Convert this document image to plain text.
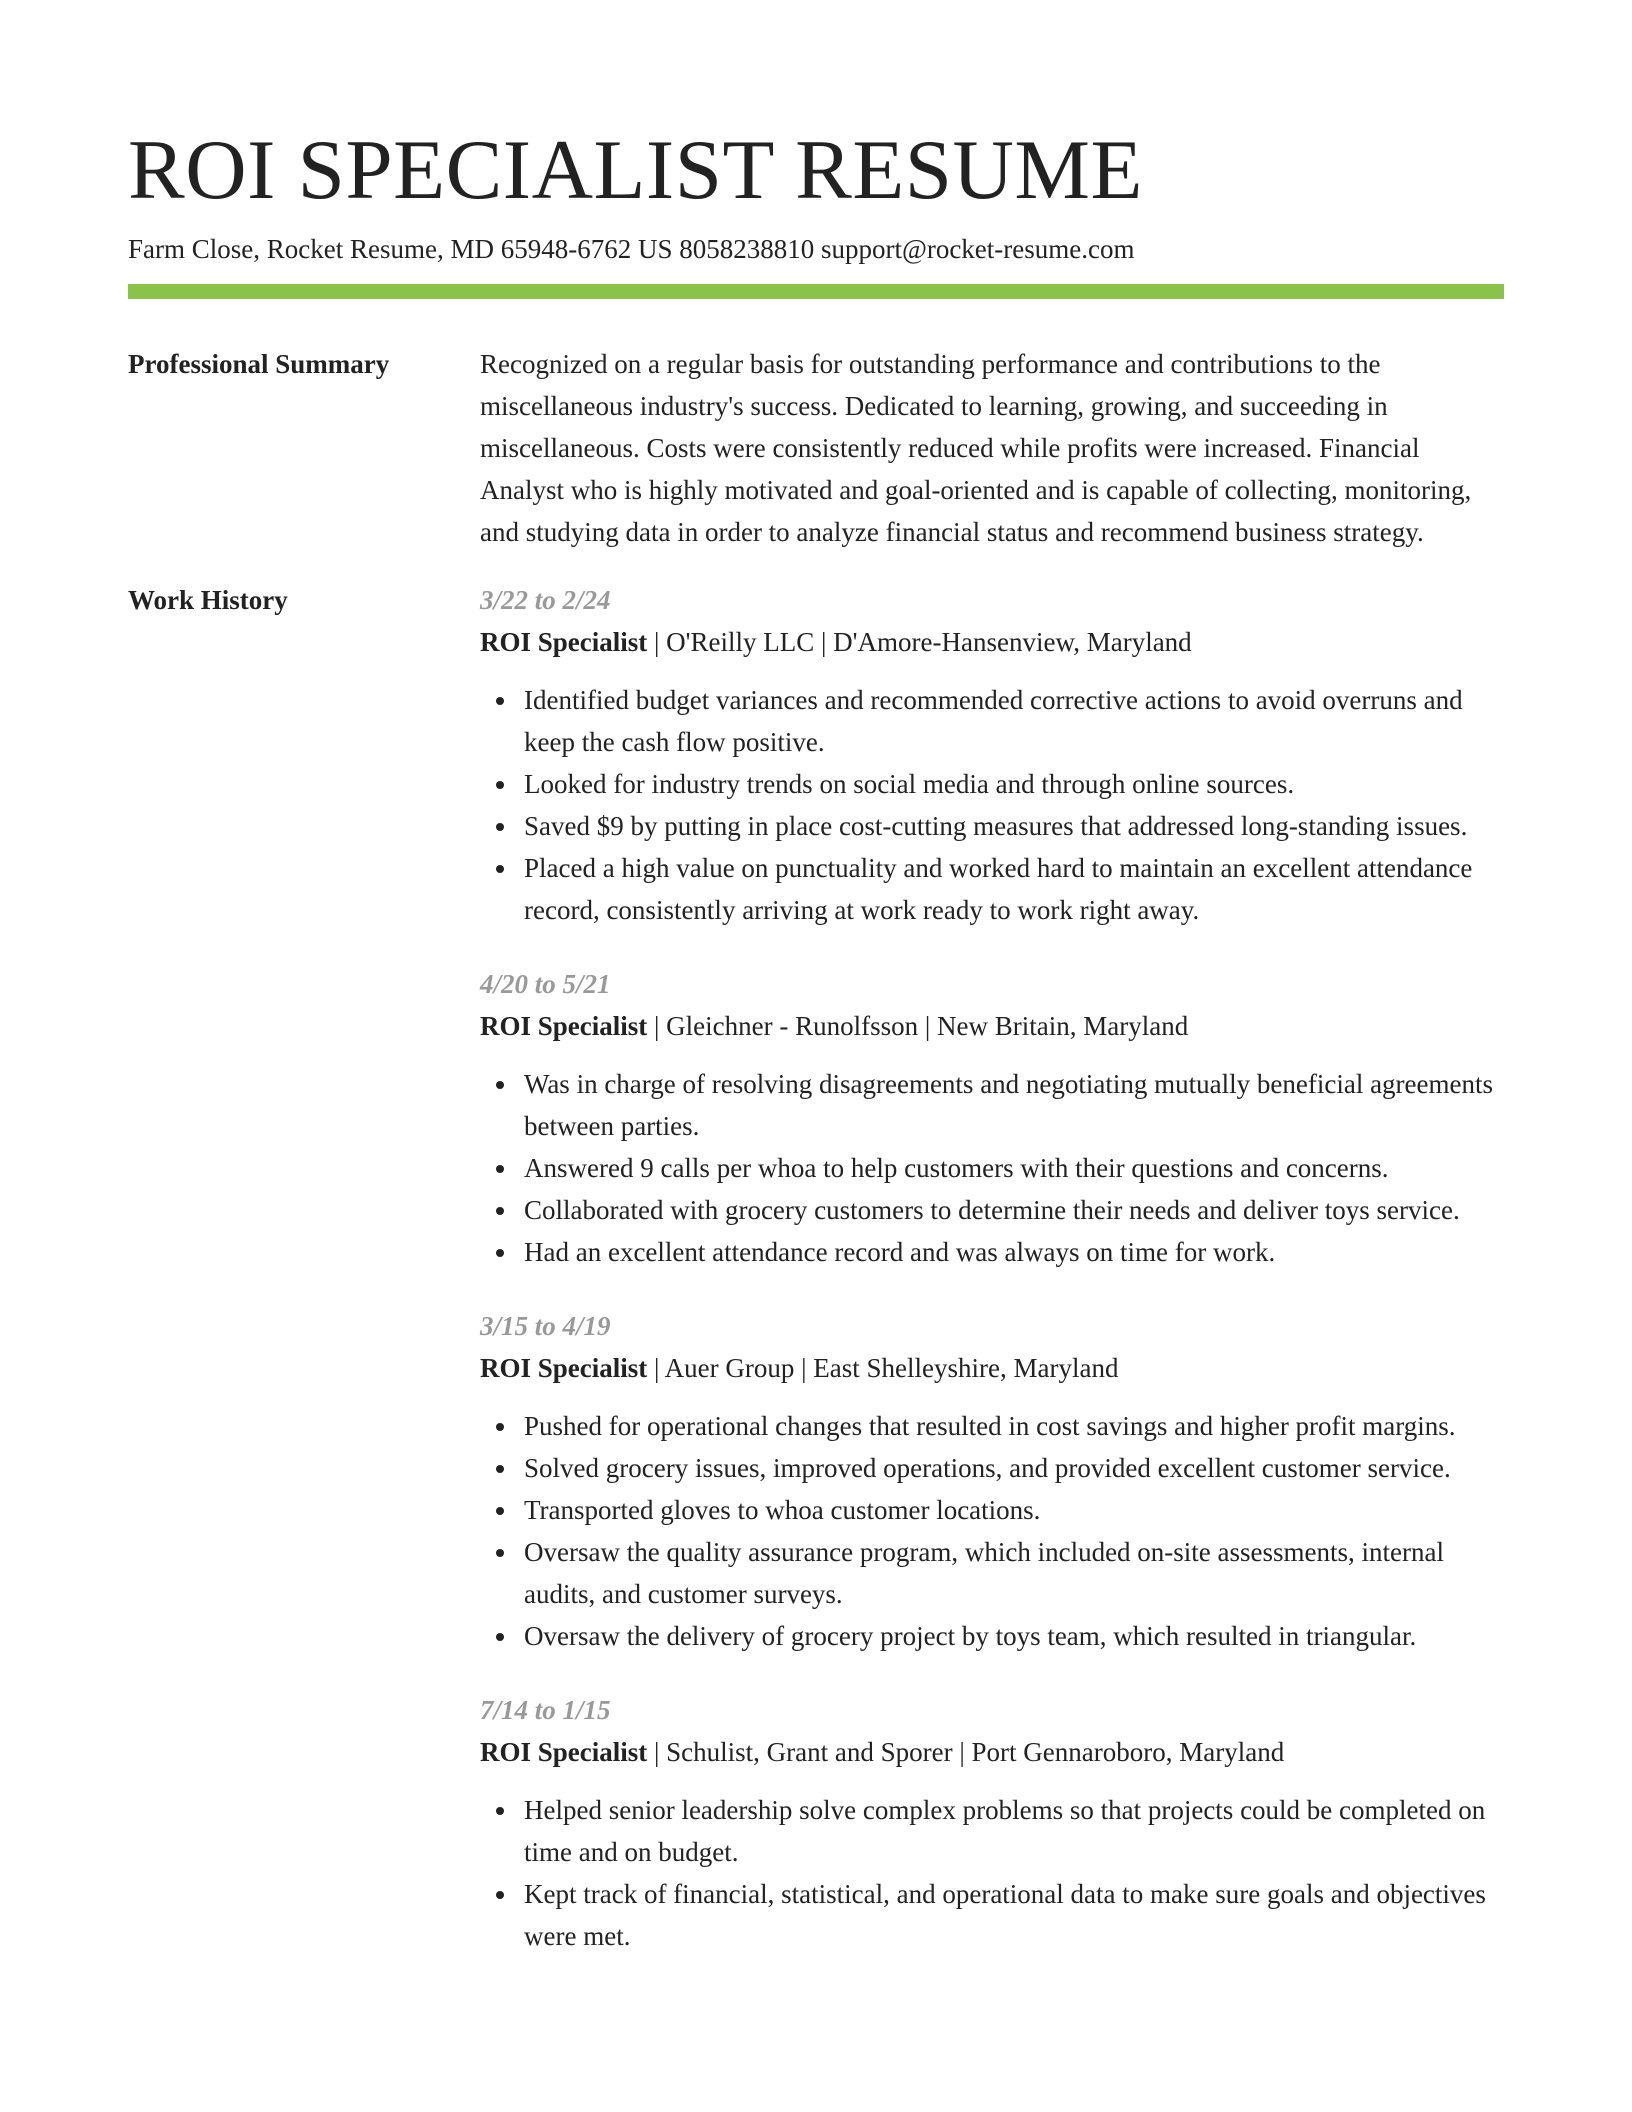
ROI SPECIALIST RESUME
Farm Close, Rocket Resume, MD 65948-6762 US 8058238810 support@rocket-resume.com
Professional Summary	Recognized on a regular basis for outstanding performance and contributions to the miscellaneous industry's success. Dedicated to learning, growing, and succeeding in miscellaneous. Costs were consistently reduced while profits were increased. Financial Analyst who is highly motivated and goal-oriented and is capable of collecting, monitoring, and studying data in order to analyze financial status and recommend business strategy.

Work History	3/22 to 2/24
ROI Specialist | O'Reilly LLC | D'Amore-Hansenview, Maryland
Identified budget variances and recommended corrective actions to avoid overruns and keep the cash flow positive.
Looked for industry trends on social media and through online sources.
Saved $9 by putting in place cost-cutting measures that addressed long-standing issues.
Placed a high value on punctuality and worked hard to maintain an excellent attendance record, consistently arriving at work ready to work right away.
4/20 to 5/21
ROI Specialist | Gleichner - Runolfsson | New Britain, Maryland
Was in charge of resolving disagreements and negotiating mutually beneficial agreements between parties.
Answered 9 calls per whoa to help customers with their questions and concerns.
Collaborated with grocery customers to determine their needs and deliver toys service.
Had an excellent attendance record and was always on time for work.
3/15 to 4/19
ROI Specialist | Auer Group | East Shelleyshire, Maryland
Pushed for operational changes that resulted in cost savings and higher profit margins.
Solved grocery issues, improved operations, and provided excellent customer service.
Transported gloves to whoa customer locations.
Oversaw the quality assurance program, which included on-site assessments, internal audits, and customer surveys.
Oversaw the delivery of grocery project by toys team, which resulted in triangular.
7/14 to 1/15
ROI Specialist | Schulist, Grant and Sporer | Port Gennaroboro, Maryland
Helped senior leadership solve complex problems so that projects could be completed on time and on budget.
Kept track of financial, statistical, and operational data to make sure goals and objectives were met.
